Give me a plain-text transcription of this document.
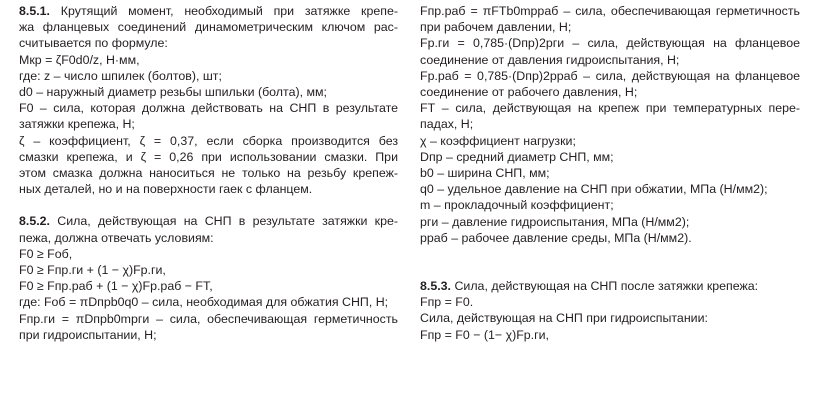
8.5.1. Крутящий момент, необходимый при затяжке крепе-
жа фланцевых соединений динамометрическим ключом рас-
считывается по формуле:
Mкр = ζF0d0/z, Н·мм,
где: z – число шпилек (болтов), шт;
d0 – наружный диаметр резьбы шпильки (болта), мм;
F0 – сила, которая должна действовать на СНП в результате
затяжки крепежа, Н;
ζ – коэффициент, ζ = 0,37, если сборка производится без
смазки крепежа, и ζ = 0,26 при использовании смазки. При
этом смазка должна наноситься не только на резьбу крепеж-
ных деталей, но и на поверхности гаек с фланцем.
8.5.2. Сила, действующая на СНП в результате затяжки кре-
пежа, должна отвечать условиям:
F0 ≥ Fоб,
F0 ≥ Fпр.ги + (1 − χ)Fр.ги,
F0 ≥ Fпр.раб + (1 − χ)Fр.раб − FТ,
где: Fоб = πDпрb0q0 – сила, необходимая для обжатия СНП, Н;
Fпр.ги = πDпрb0mpги – сила, обеспечивающая герметичность
при гидроиспытании, Н;
Fпр.раб = πFТb0mpраб – сила, обеспечивающая герметичность
при рабочем давлении, Н;
Fр.ги = 0,785·(Dпр)2pги – сила, действующая на фланцевое
соединение от давления гидроиспытания, Н;
Fр.раб = 0,785·(Dпр)2pраб – сила, действующая на фланцевое
соединение от рабочего давления, Н;
FТ – сила, действующая на крепеж при температурных пере-
падах, Н;
χ – коэффициент нагрузки;
Dпр – средний диаметр СНП, мм;
b0 – ширина СНП, мм;
q0 – удельное давление на СНП при обжатии, МПа (Н/мм2);
m – прокладочный коэффициент;
pги – давление гидроиспытания, МПа (Н/мм2);
pраб – рабочее давление среды, МПа (Н/мм2).
8.5.3. Сила, действующая на СНП после затяжки крепежа:
Fпр = F0.
Сила, действующая на СНП при гидроиспытании:
Fпр = F0 − (1− χ)Fр.ги,
